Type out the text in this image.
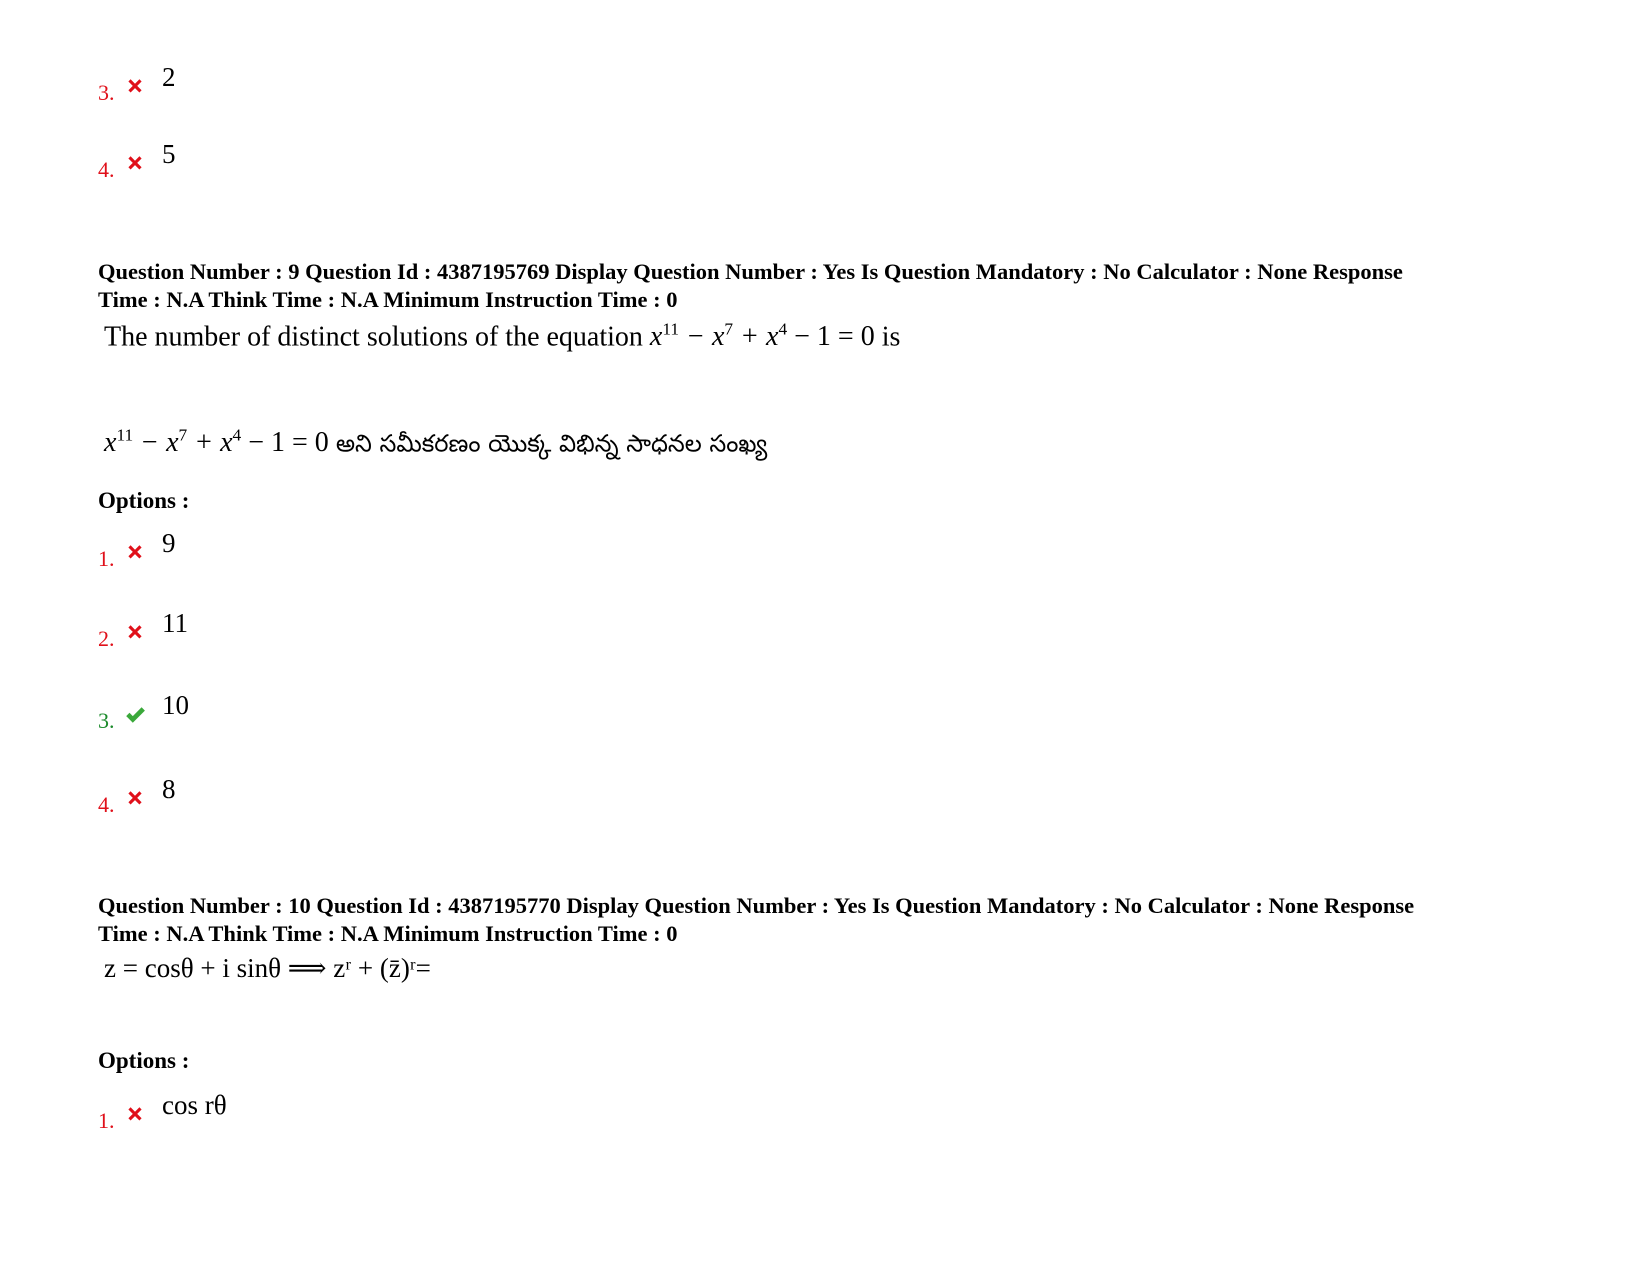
3.
2
4.
5
Question Number : 9 Question Id : 4387195769 Display Question Number : Yes Is Question Mandatory : No Calculator : None Response
Time : N.A Think Time : N.A Minimum Instruction Time : 0
The number of distinct solutions of the equation $x^{11} - x^7 + x^4 - 1 = 0$ is
$x^{11} - x^7 + x^4 - 1 = 0$ అని సమీకరణం యొక్క విభిన్న సాధనల సంఖ్య
Options :
1.
9
2.
11
3.
10
4.
8
Question Number : 10 Question Id : 4387195770 Display Question Number : Yes Is Question Mandatory : No Calculator : None Response
Time : N.A Think Time : N.A Minimum Instruction Time : 0
z = cosθ + i sinθ ⟹ zʳ + (z̄)ʳ=
Options :
1.
cos rθ
